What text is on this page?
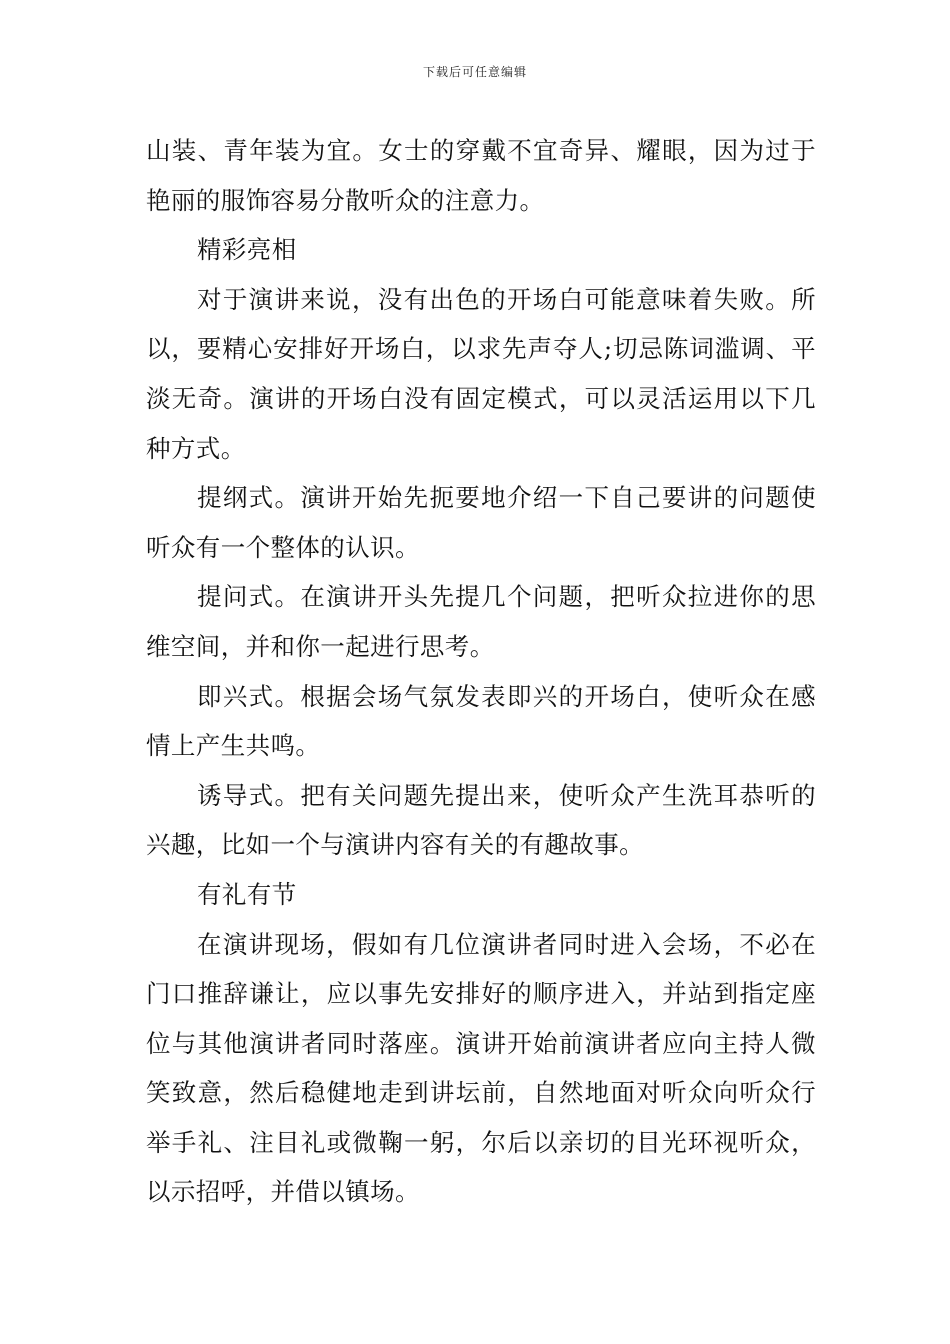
下载后可任意编辑

山装、青年装为宜。女士的穿戴不宜奇异、耀眼，因为过于艳丽的服饰容易分散听众的注意力。

精彩亮相

对于演讲来说，没有出色的开场白可能意味着失败。所以，要精心安排好开场白，以求先声夺人;切忌陈词滥调、平淡无奇。演讲的开场白没有固定模式，可以灵活运用以下几种方式。

提纲式。演讲开始先扼要地介绍一下自己要讲的问题使听众有一个整体的认识。

提问式。在演讲开头先提几个问题，把听众拉进你的思维空间，并和你一起进行思考。

即兴式。根据会场气氛发表即兴的开场白，使听众在感情上产生共鸣。

诱导式。把有关问题先提出来，使听众产生洗耳恭听的兴趣，比如一个与演讲内容有关的有趣故事。

有礼有节

在演讲现场，假如有几位演讲者同时进入会场，不必在门口推辞谦让，应以事先安排好的顺序进入，并站到指定座位与其他演讲者同时落座。演讲开始前演讲者应向主持人微笑致意，然后稳健地走到讲坛前，自然地面对听众向听众行举手礼、注目礼或微鞠一躬，尔后以亲切的目光环视听众，以示招呼，并借以镇场。
